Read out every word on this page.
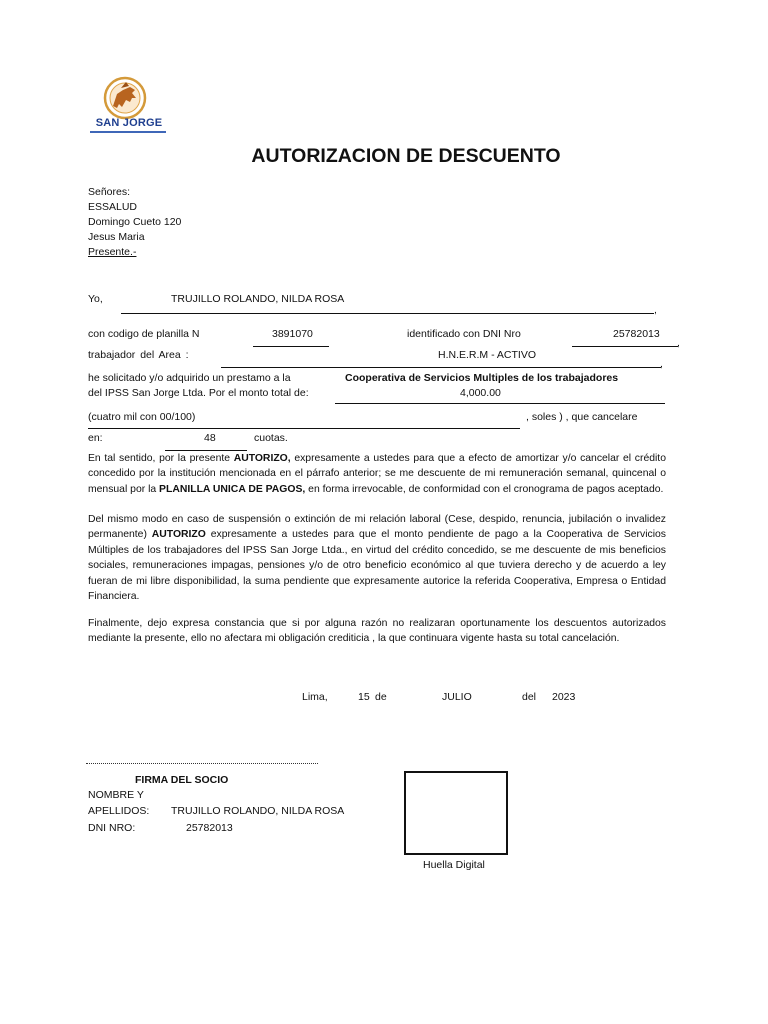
SAN JORGE
AUTORIZACION DE DESCUENTO
Señores:
ESSALUD
Domingo Cueto 120
Jesus Maria
Presente.-
Yo,	TRUJILLO ROLANDO, NILDA ROSA
,
con codigo de planilla N	3891070	identificado con DNI Nro	25782013
,
trabajador del Area :	H.N.E.R.M - ACTIVO
,
he solicitado y/o adquirido un prestamo a la	Cooperativa de Servicios Multiples de los trabajadores
del IPSS San Jorge Ltda. Por el monto total de:	4,000.00
(cuatro mil con 00/100)	, soles ) , que cancelare
en:	48	cuotas.
En tal sentido, por la presente AUTORIZO, expresamente a ustedes para que a efecto de amortizar y/o cancelar el crédito concedido por la institución mencionada en el párrafo anterior; se me descuente de mi remuneración semanal, quincenal o mensual por la PLANILLA UNICA DE PAGOS, en forma irrevocable, de conformidad con el cronograma de pagos aceptado.
Del mismo modo en caso de suspensión o extinción de mi relación laboral (Cese, despido, renuncia, jubilación o invalidez permanente) AUTORIZO expresamente a ustedes para que el monto pendiente de pago a la Cooperativa de Servicios Múltiples de los trabajadores del IPSS San Jorge Ltda., en virtud del crédito concedido, se me descuente de mis beneficios sociales, remuneraciones impagas, pensiones y/o de otro beneficio económico al que tuviera derecho y de acuerdo a ley fueran de mi libre disponibilidad, la suma pendiente que expresamente autorice la referida Cooperativa, Empresa o Entidad Financiera.
Finalmente, dejo expresa constancia que si por alguna razón no realizaran oportunamente los descuentos autorizados mediante la presente, ello no afectara mi obligación crediticia , la que continuara vigente hasta su total cancelación.
Lima,	15 de	JULIO	del 2023
FIRMA DEL SOCIO
NOMBRE Y
APELLIDOS: TRUJILLO ROLANDO, NILDA ROSA
DNI NRO:	25782013
Huella Digital
